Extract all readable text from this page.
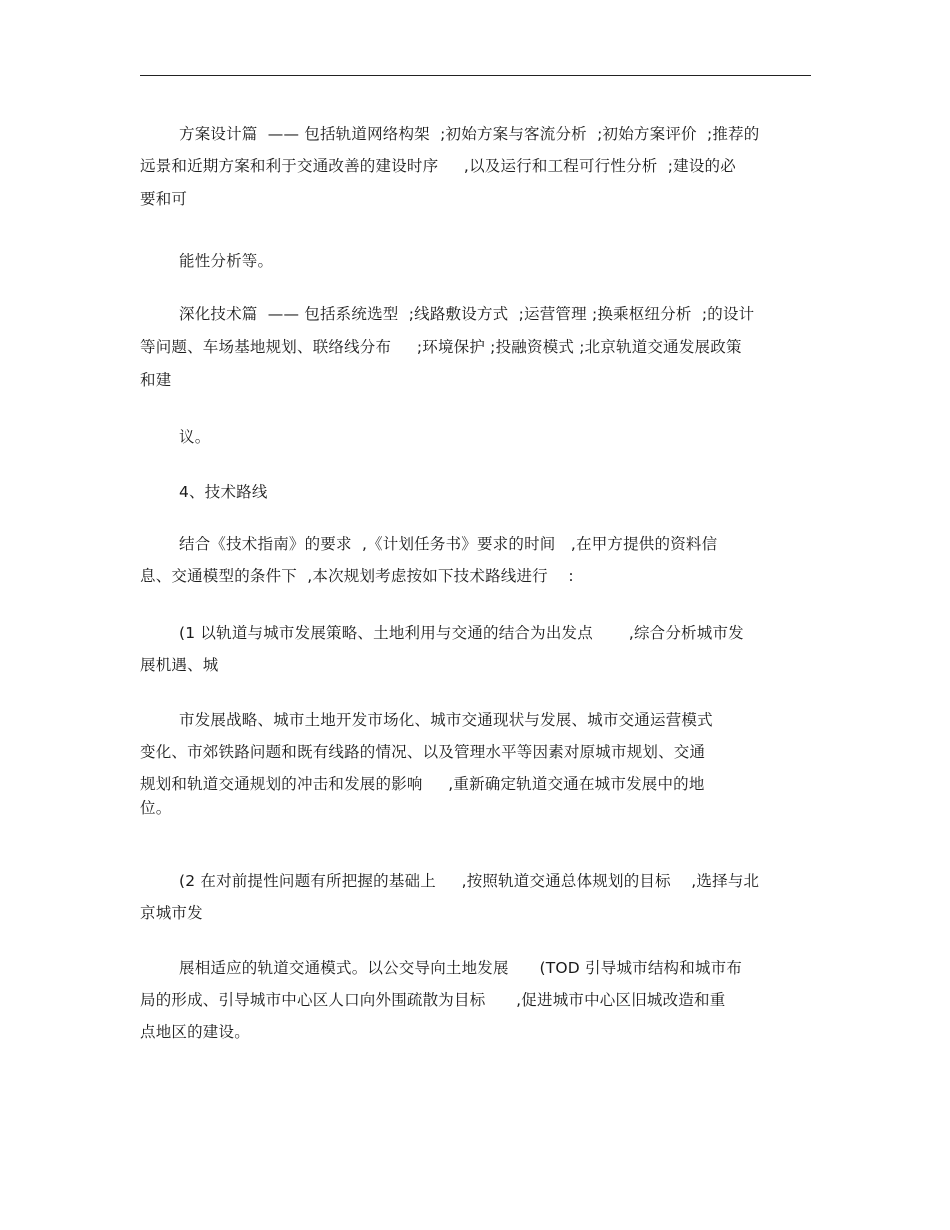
方案设计篇  —— 包括轨道网络构架  ;初始方案与客流分析  ;初始方案评价  ;推荐的
远景和近期方案和利于交通改善的建设时序     ,以及运行和工程可行性分析  ;建设的必
要和可
能性分析等。
深化技术篇  —— 包括系统选型  ;线路敷设方式  ;运营管理 ;换乘枢纽分析  ;的设计
等问题、车场基地规划、联络线分布     ;环境保护 ;投融资模式 ;北京轨道交通发展政策
和建
议。
4、技术路线
结合《技术指南》的要求  ,《计划任务书》要求的时间   ,在甲方提供的资料信
息、交通模型的条件下  ,本次规划考虑按如下技术路线进行    :
(1 以轨道与城市发展策略、土地利用与交通的结合为出发点       ,综合分析城市发
展机遇、城
市发展战略、城市土地开发市场化、城市交通现状与发展、城市交通运营模式
变化、市郊铁路问题和既有线路的情况、以及管理水平等因素对原城市规划、交通
规划和轨道交通规划的冲击和发展的影响     ,重新确定轨道交通在城市发展中的地
位。
(2 在对前提性问题有所把握的基础上     ,按照轨道交通总体规划的目标    ,选择与北
京城市发
展相适应的轨道交通模式。以公交导向土地发展      (TOD 引导城市结构和城市布
局的形成、引导城市中心区人口向外围疏散为目标      ,促进城市中心区旧城改造和重
点地区的建设。
